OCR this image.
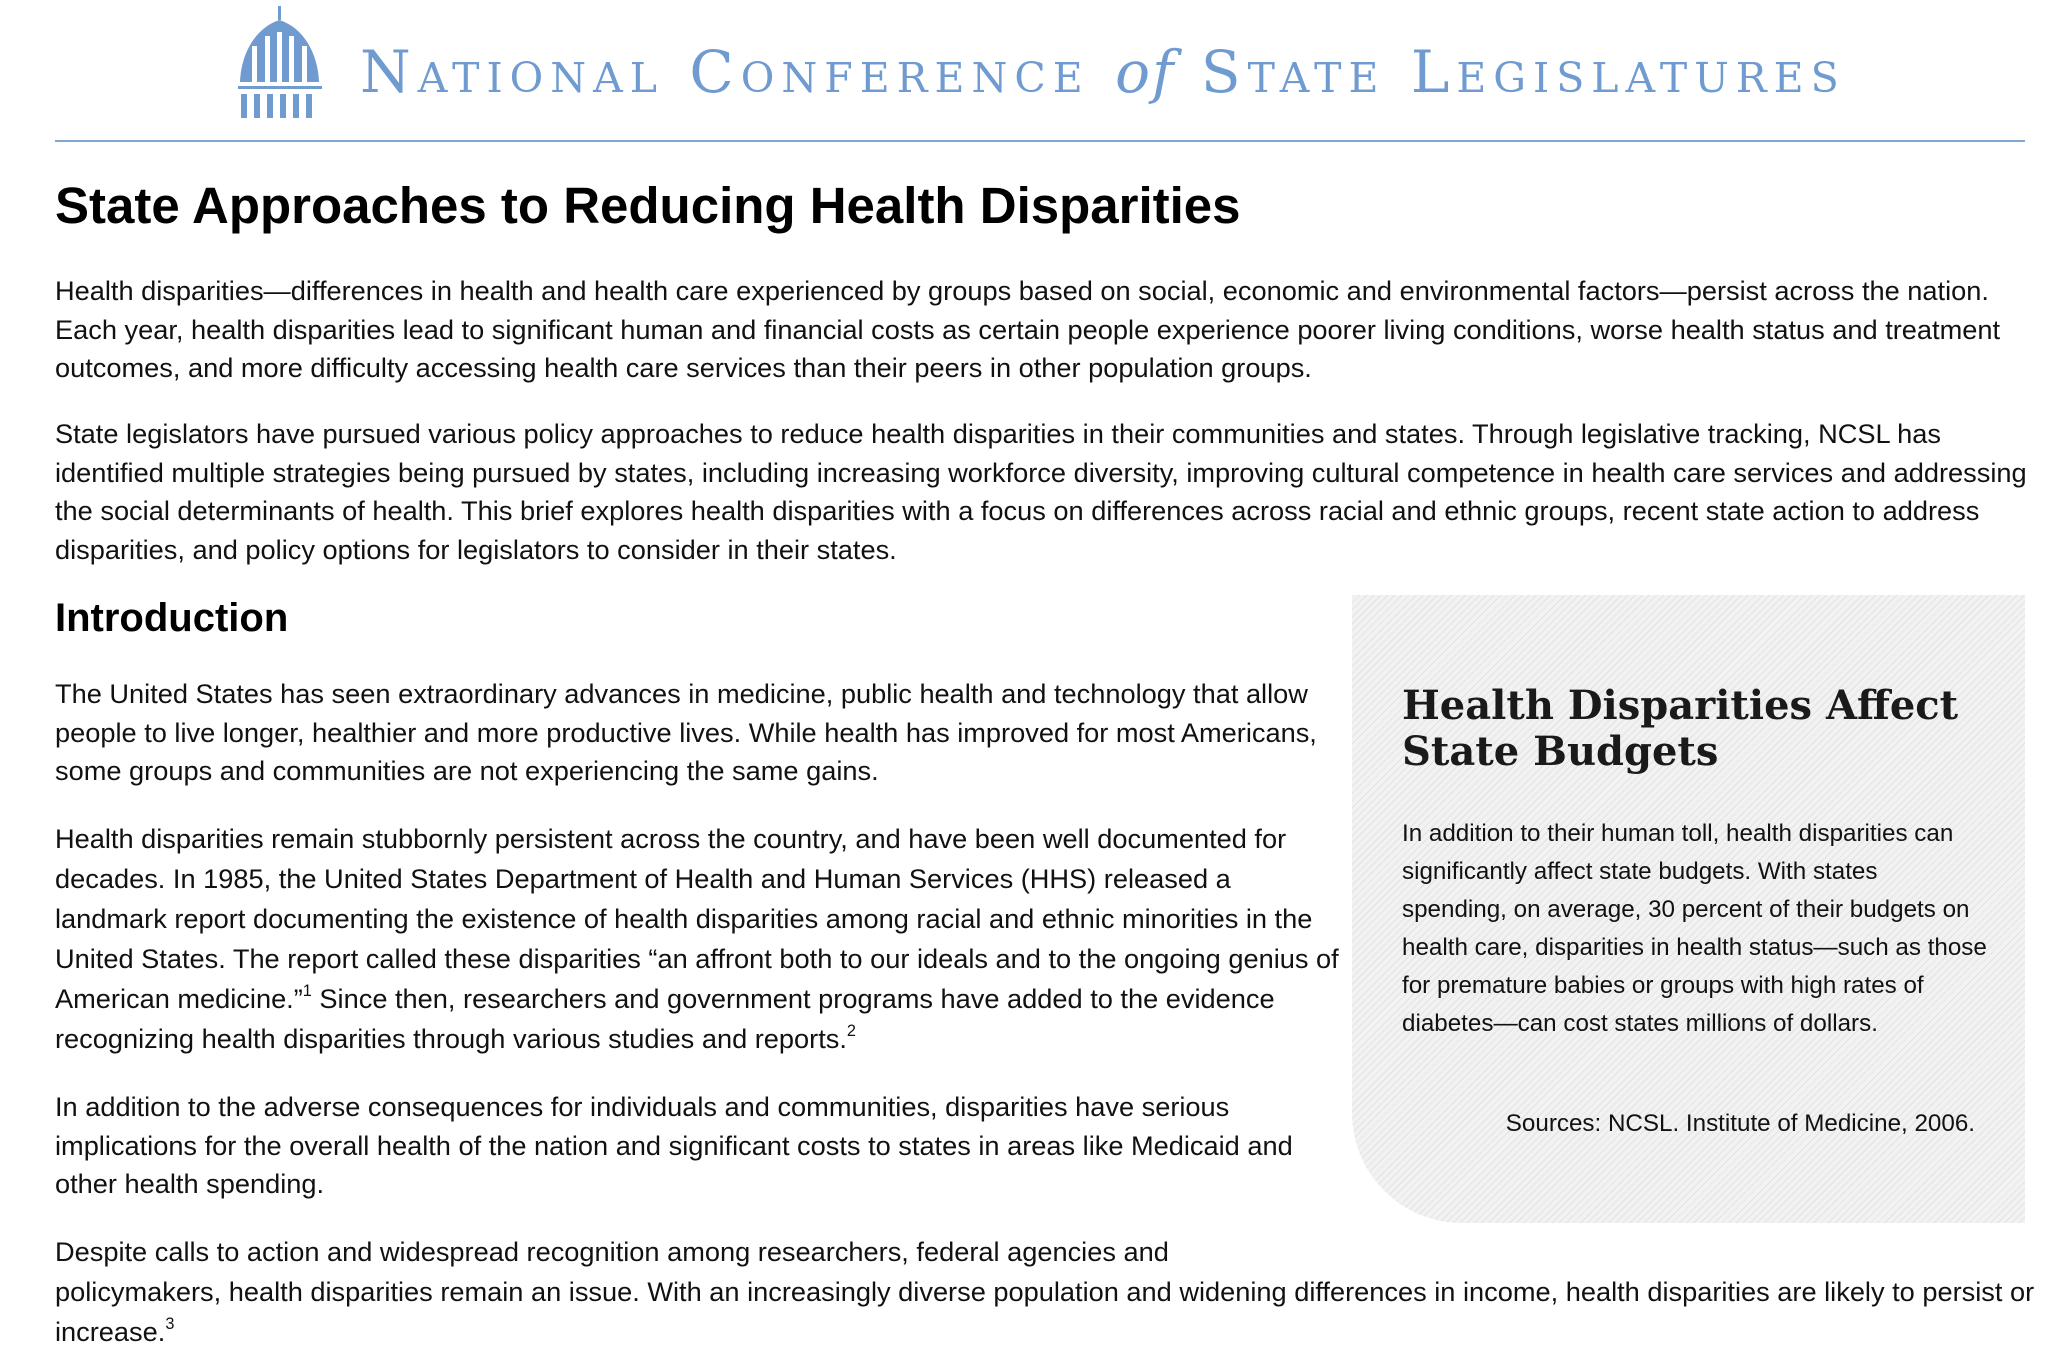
National Conference of State Legislatures
State Approaches to Reducing Health Disparities

Health disparities—differences in health and health care experienced by groups based on social, economic and environmental factors—persist across the nation. Each year, health disparities lead to significant human and financial costs as certain people experience poorer living conditions, worse health status and treatment outcomes, and more difficulty accessing health care services than their peers in other population groups.

State legislators have pursued various policy approaches to reduce health disparities in their communities and states. Through legislative tracking, NCSL has identified multiple strategies being pursued by states, including increasing workforce diversity, improving cultural competence in health care services and addressing the social determinants of health. This brief explores health disparities with a focus on differences across racial and ethnic groups, recent state action to address disparities, and policy options for legislators to consider in their states.

Introduction

The United States has seen extraordinary advances in medicine, public health and technology that allow people to live longer, healthier and more productive lives. While health has improved for most Americans, some groups and communities are not experiencing the same gains.

Health disparities remain stubbornly persistent across the country, and have been well documented for decades. In 1985, the United States Department of Health and Human Services (HHS) released a landmark report documenting the existence of health disparities among racial and ethnic minorities in the United States. The report called these disparities “an affront both to our ideals and to the ongoing genius of American medicine.”$^1$ Since then, researchers and government programs have added to the evidence recognizing health disparities through various studies and reports.$^2$

In addition to the adverse consequences for individuals and communities, disparities have serious implications for the overall health of the nation and significant costs to states in areas like Medicaid and other health spending.

Despite calls to action and widespread recognition among researchers, federal agencies and
policymakers, health disparities remain an issue. With an increasingly diverse population and widening differences in income, health disparities are likely to persist or increase.$^3$

Health Disparities Affect State Budgets

In addition to their human toll, health disparities can significantly affect state budgets. With states spending, on average, 30 percent of their budgets on health care, disparities in health status—such as those for premature babies or groups with high rates of diabetes—can cost states millions of dollars.

Sources: NCSL. Institute of Medicine, 2006.
